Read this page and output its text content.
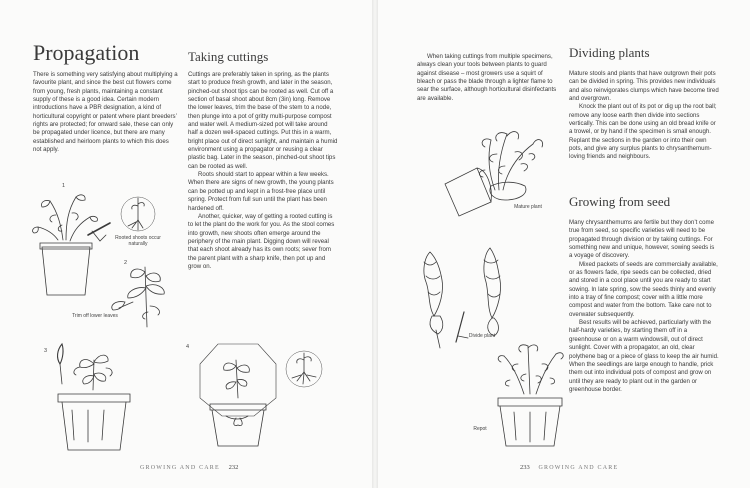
Propagation

There is something very satisfying about multiplying a favourite plant, and since the best cut flowers come from young, fresh plants, maintaining a constant supply of these is a good idea. Certain modern introductions have a PBR designation, a kind of horticultural copyright or patent where plant breeders’ rights are protected; for onward sale, these can only be propagated under licence, but there are many established and heirloom plants to which this does not apply.

Taking cuttings

Cuttings are preferably taken in spring, as the plants start to produce fresh growth, and later in the season, pinched-out shoot tips can be rooted as well. Cut off a section of basal shoot about 8cm (3in) long. Remove the lower leaves, trim the base of the stem to a node, then plunge into a pot of gritty multi-purpose compost and water well. A medium-sized pot will take around half a dozen well-spaced cuttings. Put this in a warm, bright place out of direct sunlight, and maintain a humid environment using a propagator or reusing a clear plastic bag. Later in the season, pinched-out shoot tips can be rooted as well.

Roots should start to appear within a few weeks. When there are signs of new growth, the young plants can be potted up and kept in a frost-free place until spring. Protect from full sun until the plant has been hardened off.

Another, quicker, way of getting a rooted cutting is to let the plant do the work for you. As the stool comes into growth, new shoots often emerge around the periphery of the main plant. Digging down will reveal that each shoot already has its own roots; sever from the parent plant with a sharp knife, then pot up and grow on.

1
Rooted shoots occur naturally
2
Trim off lower leaves
3
4
GROWING AND CARE 232

When taking cuttings from multiple specimens, always clean your tools between plants to guard against disease – most growers use a squirt of bleach or pass the blade through a lighter flame to sear the surface, although horticultural disinfectants are available.

Dividing plants

Mature stools and plants that have outgrown their pots can be divided in spring. This provides new individuals and also reinvigorates clumps which have become tired and overgrown.

Knock the plant out of its pot or dig up the root ball; remove any loose earth then divide into sections vertically. This can be done using an old bread knife or a trowel, or by hand if the specimen is small enough. Replant the sections in the garden or into their own pots, and give any surplus plants to chrysanthemum-loving friends and neighbours.

Growing from seed

Many chrysanthemums are fertile but they don’t come true from seed, so specific varieties will need to be propagated through division or by taking cuttings. For something new and unique, however, sowing seeds is a voyage of discovery.

Mixed packets of seeds are commercially available, or as flowers fade, ripe seeds can be collected, dried and stored in a cool place until you are ready to start sowing. In late spring, sow the seeds thinly and evenly into a tray of fine compost; cover with a little more compost and water from the bottom. Take care not to overwater subsequently.

Best results will be achieved, particularly with the half-hardy varieties, by starting them off in a greenhouse or on a warm windowsill, out of direct sunlight. Cover with a propagator, an old, clear polythene bag or a piece of glass to keep the air humid. When the seedlings are large enough to handle, prick them out into individual pots of compost and grow on until they are ready to plant out in the garden or greenhouse border.

Mature plant
Divide plant
Repot
233 GROWING AND CARE
